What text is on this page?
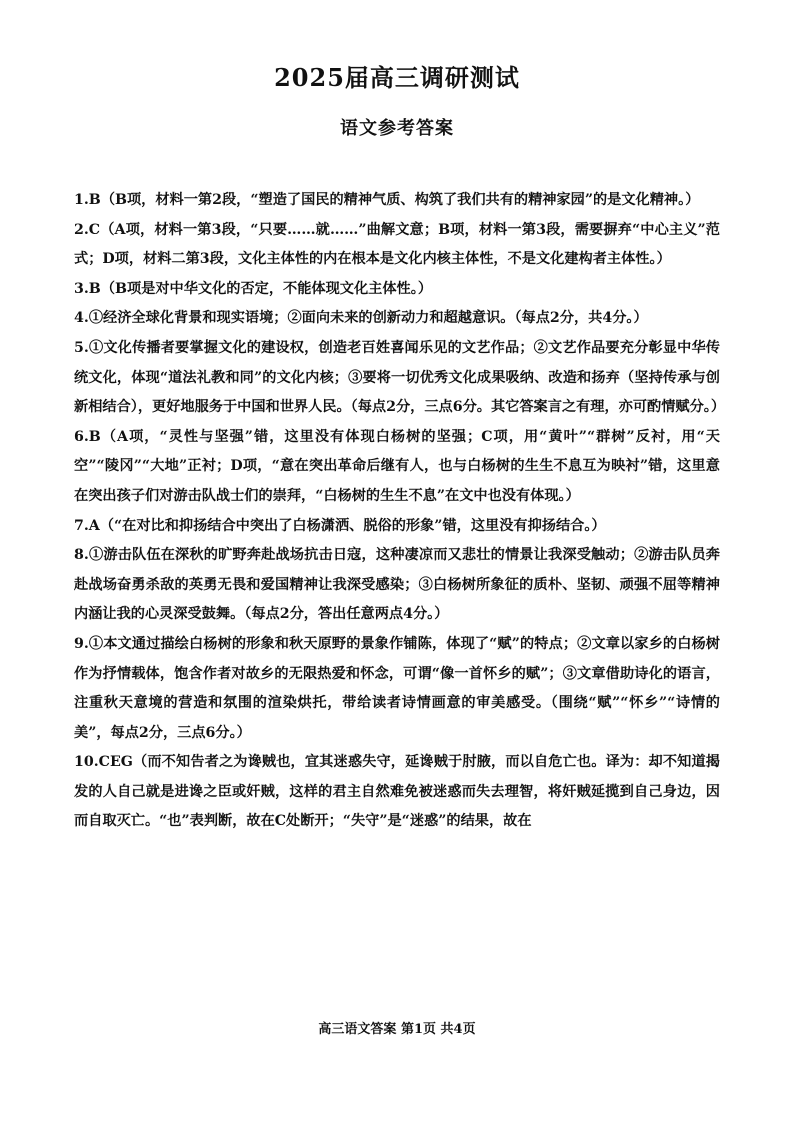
2025届高三调研测试
语文参考答案

1.B（B项，材料一第2段，“塑造了国民的精神气质、构筑了我们共有的精神家园”的是文化精神。）

2.C（A项，材料一第3段，“只要……就……”曲解文意；B项，材料一第3段，需要摒弃“中心主义”范式；D项，材料二第3段，文化主体性的内在根本是文化内核主体性，不是文化建构者主体性。）

3.B（B项是对中华文化的否定，不能体现文化主体性。）

4.①经济全球化背景和现实语境；②面向未来的创新动力和超越意识。（每点2分，共4分。）

5.①文化传播者要掌握文化的建设权，创造老百姓喜闻乐见的文艺作品；②文艺作品要充分彰显中华传统文化，体现“道法礼教和同”的文化内核；③要将一切优秀文化成果吸纳、改造和扬弃（坚持传承与创新相结合），更好地服务于中国和世界人民。（每点2分，三点6分。其它答案言之有理，亦可酌情赋分。）

6.B（A项，“灵性与坚强”错，这里没有体现白杨树的坚强；C项，用“黄叶”“群树”反衬，用“天空”“陵冈”“大地”正衬；D项，“意在突出革命后继有人，也与白杨树的生生不息互为映衬”错，这里意在突出孩子们对游击队战士们的崇拜，“白杨树的生生不息”在文中也没有体现。）

7.A（“在对比和抑扬结合中突出了白杨潇洒、脱俗的形象”错，这里没有抑扬结合。）

8.①游击队伍在深秋的旷野奔赴战场抗击日寇，这种凄凉而又悲壮的情景让我深受触动；②游击队员奔赴战场奋勇杀敌的英勇无畏和爱国精神让我深受感染；③白杨树所象征的质朴、坚韧、顽强不屈等精神内涵让我的心灵深受鼓舞。（每点2分，答出任意两点4分。）

9.①本文通过描绘白杨树的形象和秋天原野的景象作铺陈，体现了“赋”的特点；②文章以家乡的白杨树作为抒情载体，饱含作者对故乡的无限热爱和怀念，可谓“像一首怀乡的赋”；③文章借助诗化的语言，注重秋天意境的营造和氛围的渲染烘托，带给读者诗情画意的审美感受。（围绕“赋”“怀乡”“诗情的美”，每点2分，三点6分。）

10.CEG（而不知告者之为谗贼也，宜其迷惑失守，延谗贼于肘腋，而以自危亡也。译为：却不知道揭发的人自己就是进谗之臣或奸贼，这样的君主自然难免被迷惑而失去理智，将奸贼延揽到自己身边，因而自取灭亡。“也”表判断，故在C处断开；“失守”是“迷惑”的结果，故在

高三语文答案 第1页 共4页
